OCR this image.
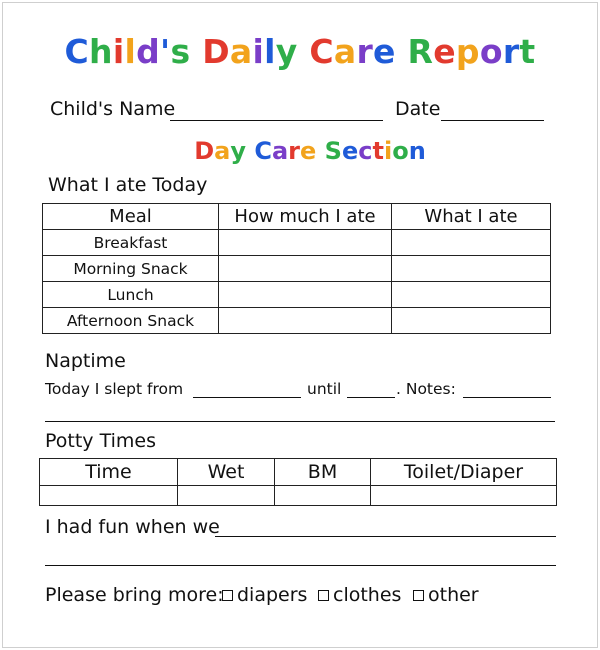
Child's Daily Care Report
Child's Name	Date
Day Care Section
What I ate Today
Meal	How much I ate	What I ate
Breakfast		
Morning Snack		
Lunch		
Afternoon Snack		
Naptime
Today I slept from	until	. Notes:
Potty Times
Time	Wet	BM	Toilet/Diaper

I had fun when we
Please bring more: diapers	clothes	other
